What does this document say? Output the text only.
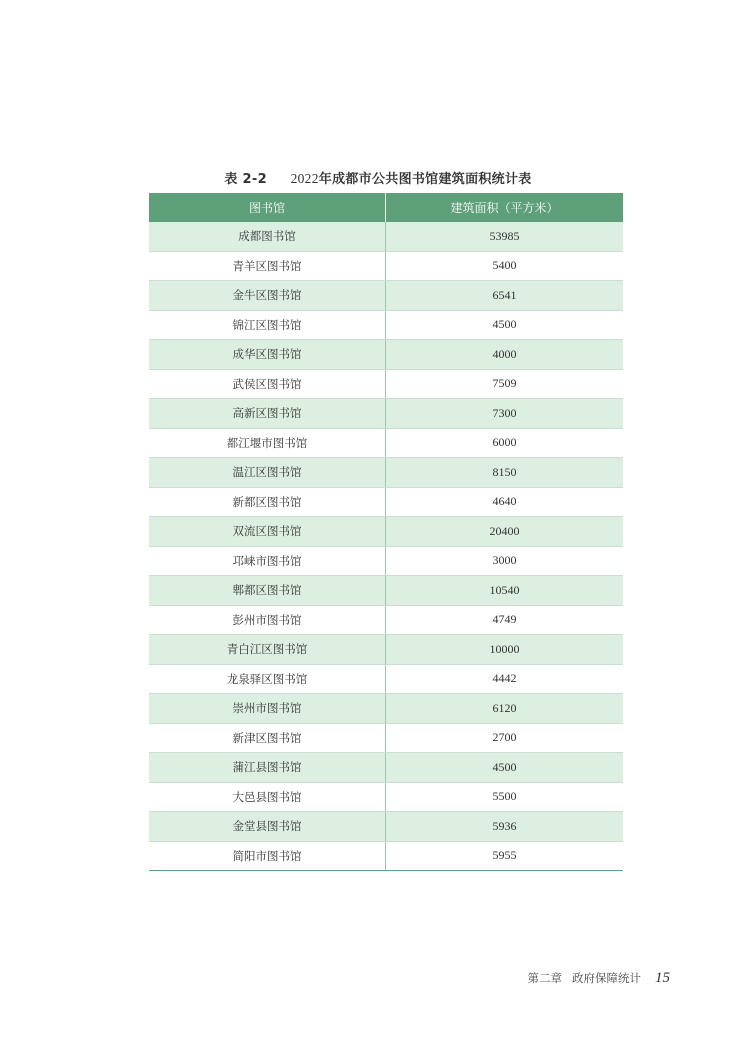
表 2-2 2022年成都市公共图书馆建筑面积统计表
图书馆	建筑面积（平方米）
成都图书馆	53985
青羊区图书馆	5400
金牛区图书馆	6541
锦江区图书馆	4500
成华区图书馆	4000
武侯区图书馆	7509
高新区图书馆	7300
都江堰市图书馆	6000
温江区图书馆	8150
新都区图书馆	4640
双流区图书馆	20400
邛崃市图书馆	3000
郫都区图书馆	10540
彭州市图书馆	4749
青白江区图书馆	10000
龙泉驿区图书馆	4442
崇州市图书馆	6120
新津区图书馆	2700
蒲江县图书馆	4500
大邑县图书馆	5500
金堂县图书馆	5936
简阳市图书馆	5955
第二章 政府保障统计 15
